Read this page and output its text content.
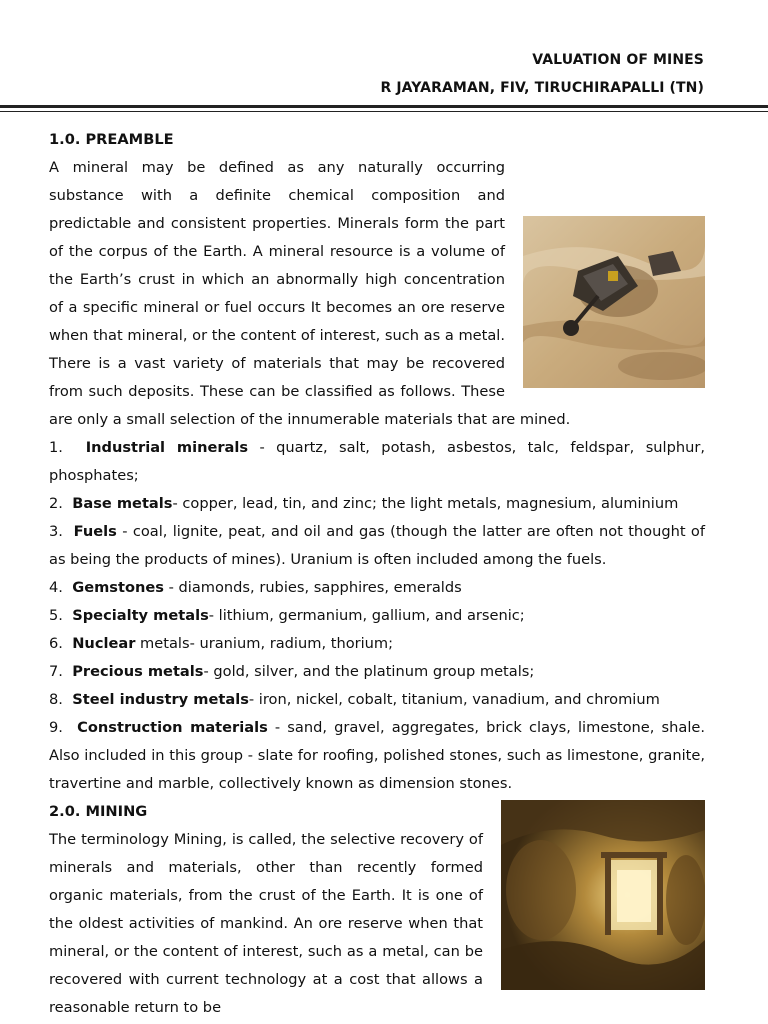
VALUATION OF MINES
R JAYARAMAN, FIV, TIRUCHIRAPALLI (TN)

1.0. PREAMBLE

A mineral may be defined as any naturally occurring substance with a definite chemical composition and predictable and consistent properties. Minerals form the part of the corpus of the Earth. A mineral resource is a volume of the Earth’s crust in which an abnormally high concentration of a specific mineral or fuel occurs It becomes an ore reserve when that mineral, or the content of interest, such as a metal. There is a vast variety of materials that may be recovered from such deposits. These can be classified as follows. These are only a small selection of the innumerable materials that are mined.

1. Industrial minerals - quartz, salt, potash, asbestos, talc, feldspar, sulphur, phosphates;

2. Base metals- copper, lead, tin, and zinc; the light metals, magnesium, aluminium

3. Fuels - coal, lignite, peat, and oil and gas (though the latter are often not thought of as being the products of mines). Uranium is often included among the fuels.

4. Gemstones - diamonds, rubies, sapphires, emeralds

5. Specialty metals- lithium, germanium, gallium, and arsenic;

6. Nuclear metals- uranium, radium, thorium;

7. Precious metals- gold, silver, and the platinum group metals;

8. Steel industry metals- iron, nickel, cobalt, titanium, vanadium, and chromium

9. Construction materials - sand, gravel, aggregates, brick clays, limestone, shale. Also included in this group - slate for roofing, polished stones, such as limestone, granite, travertine and marble, collectively known as dimension stones.

2.0. MINING

The terminology Mining, is called, the selective recovery of minerals and materials, other than recently formed organic materials, from the crust of the Earth. It is one of the oldest activities of mankind. An ore reserve when that mineral, or the content of interest, such as a metal, can be recovered with current technology at a cost that allows a reasonable return to be
